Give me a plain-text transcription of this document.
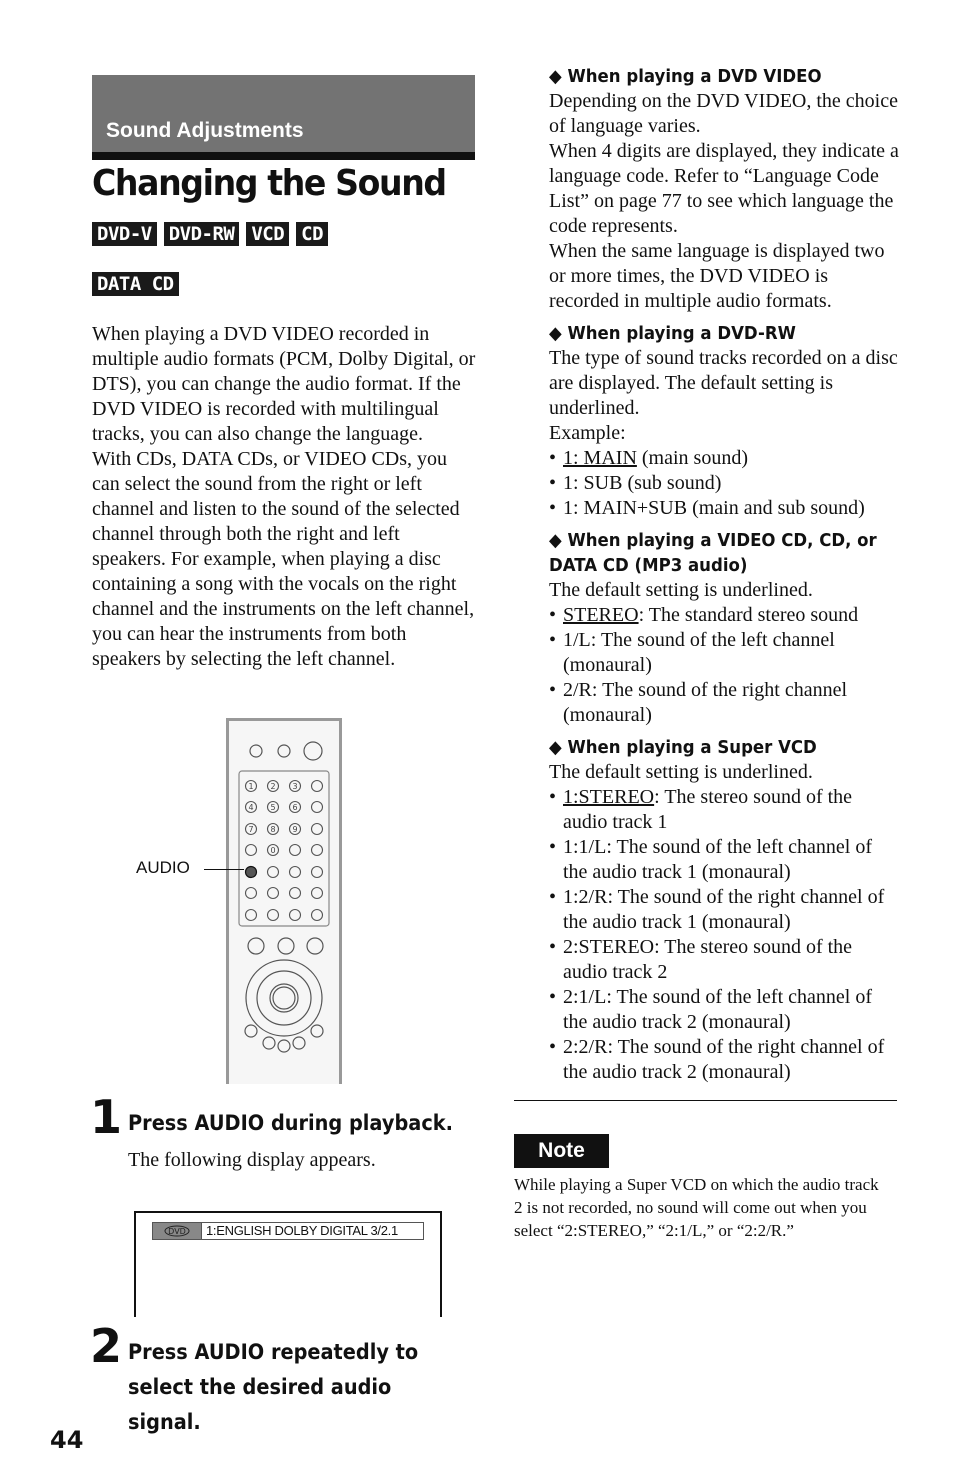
Sound Adjustments
Changing the Sound
DVD-V DVD-RW VCD CD
DATA CD

When playing a DVD VIDEO recorded in multiple audio formats (PCM, Dolby Digital, or DTS), you can change the audio format. If the DVD VIDEO is recorded with multilingual tracks, you can also change the language.

With CDs, DATA CDs, or VIDEO CDs, you can select the sound from the right or left channel and listen to the sound of the selected channel through both the right and left speakers. For example, when playing a disc containing a song with the vocals on the right channel and the instruments on the left channel, you can hear the instruments from both speakers by selecting the left channel.

1 2 3
4 5 6
7 8 9
0
AUDIO
1 Press AUDIO during playback.
The following display appears.
DVD	1:ENGLISH DOLBY DIGITAL 3/2.1
2 Press AUDIO repeatedly to select the desired audio signal.
44
◆ When playing a DVD VIDEO

Depending on the DVD VIDEO, the choice of language varies.

When 4 digits are displayed, they indicate a language code. Refer to “Language Code List” on page 77 to see which language the code represents.

When the same language is displayed two or more times, the DVD VIDEO is recorded in multiple audio formats.

◆ When playing a DVD-RW

The type of sound tracks recorded on a disc are displayed. The default setting is underlined.

Example:

• 1: MAIN (main sound)
• 1: SUB (sub sound)
• 1: MAIN+SUB (main and sub sound)
◆ When playing a VIDEO CD, CD, or DATA CD (MP3 audio)

The default setting is underlined.

• STEREO: The standard stereo sound
• 1/L: The sound of the left channel (monaural)
• 2/R: The sound of the right channel (monaural)
◆ When playing a Super VCD

The default setting is underlined.

• 1:STEREO: The stereo sound of the audio track 1
• 1:1/L: The sound of the left channel of the audio track 1 (monaural)
• 1:2/R: The sound of the right channel of the audio track 1 (monaural)
• 2:STEREO: The stereo sound of the audio track 2
• 2:1/L: The sound of the left channel of the audio track 2 (monaural)
• 2:2/R: The sound of the right channel of the audio track 2 (monaural)
Note
While playing a Super VCD on which the audio track 2 is not recorded, no sound will come out when you select “2:STEREO,” “2:1/L,” or “2:2/R.”
